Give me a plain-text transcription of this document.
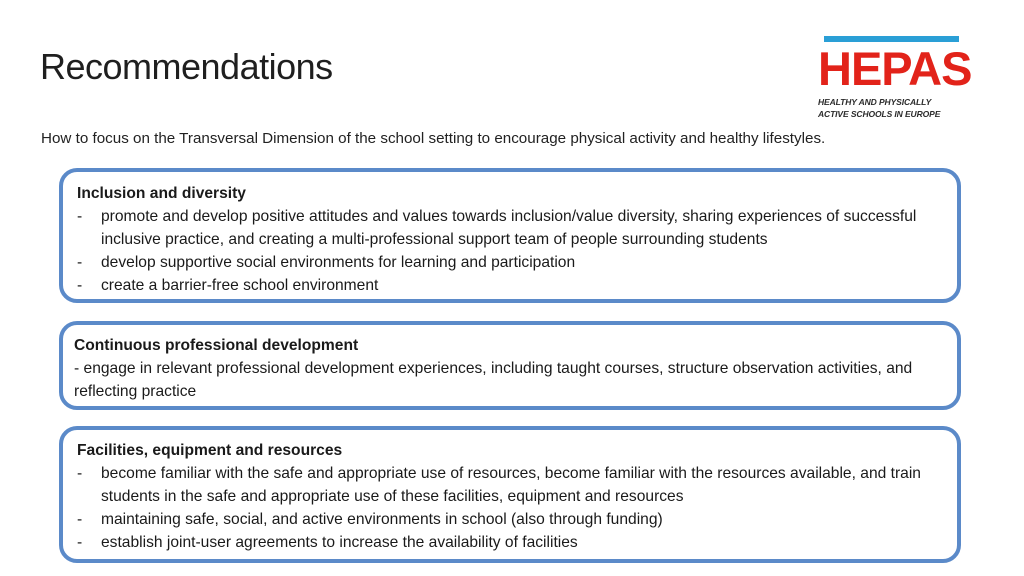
Recommendations	HEPAS
HEALTHY AND PHYSICALLY
ACTIVE SCHOOLS IN EUROPE
How to focus on the Transversal Dimension of the school setting to encourage physical activity and healthy lifestyles.
Inclusion and diversity
-	promote and develop positive attitudes and values towards inclusion/value diversity, sharing experiences of successful inclusive practice, and creating a multi-professional support team of people surrounding students
-	develop supportive social environments for learning and participation
-	create a barrier-free school environment
Continuous professional development
- engage in relevant professional development experiences, including taught courses, structure observation activities, and reflecting practice
Facilities, equipment and resources
-	become familiar with the safe and appropriate use of resources, become familiar with the resources available, and train students in the safe and appropriate use of these facilities, equipment and resources
-	maintaining safe, social, and active environments in school (also through funding)
-	establish joint-user agreements to increase the availability of facilities
